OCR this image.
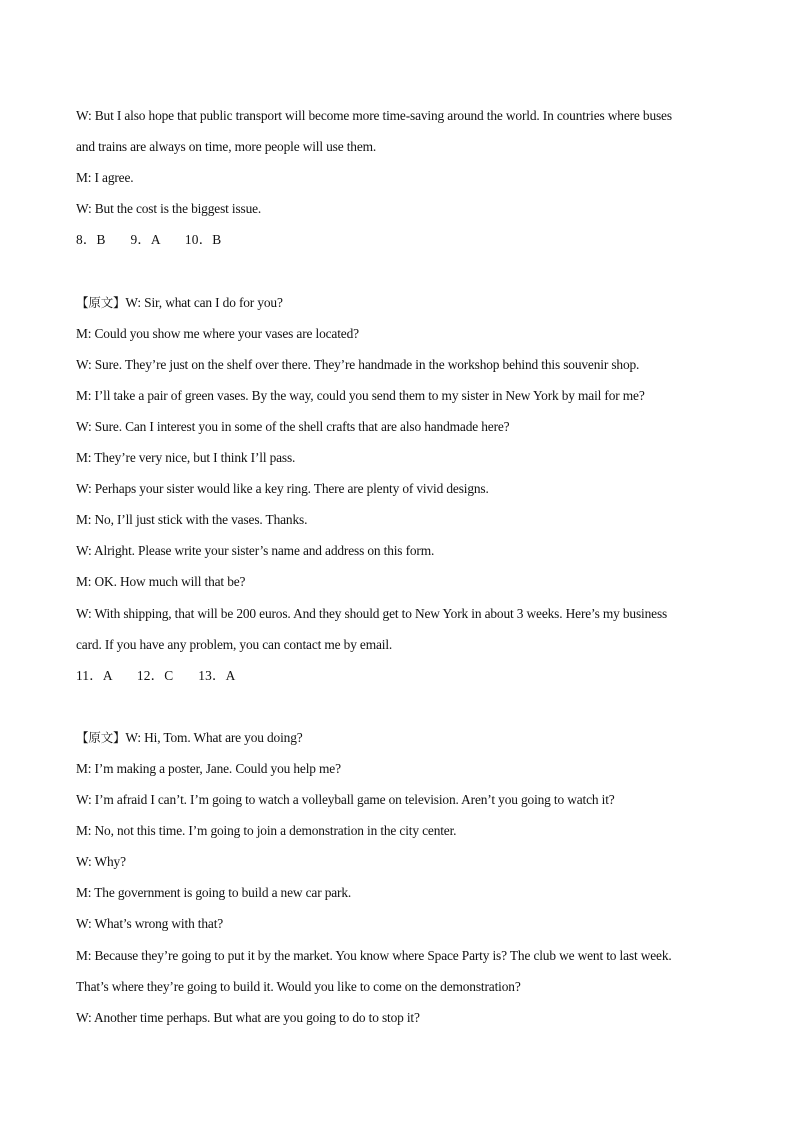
W: But I also hope that public transport will become more time-saving around the world. In countries where buses
and trains are always on time, more people will use them.
M: I agree.
W: But the cost is the biggest issue.
8．B       9．A       10．B
【原文】W: Sir, what can I do for you?
M: Could you show me where your vases are located?
W: Sure. They’re just on the shelf over there. They’re handmade in the workshop behind this souvenir shop.
M: I’ll take a pair of green vases. By the way, could you send them to my sister in New York by mail for me?
W: Sure. Can I interest you in some of the shell crafts that are also handmade here?
M: They’re very nice, but I think I’ll pass.
W: Perhaps your sister would like a key ring. There are plenty of vivid designs.
M: No, I’ll just stick with the vases. Thanks.
W: Alright. Please write your sister’s name and address on this form.
M: OK. How much will that be?
W: With shipping, that will be 200 euros. And they should get to New York in about 3 weeks. Here’s my business
card. If you have any problem, you can contact me by email.
11．A       12．C       13．A
【原文】W: Hi, Tom. What are you doing?
M: I’m making a poster, Jane. Could you help me?
W: I’m afraid I can’t. I’m going to watch a volleyball game on television. Aren’t you going to watch it?
M: No, not this time. I’m going to join a demonstration in the city center.
W: Why?
M: The government is going to build a new car park.
W: What’s wrong with that?
M: Because they’re going to put it by the market. You know where Space Party is? The club we went to last week.
That’s where they’re going to build it. Would you like to come on the demonstration?
W: Another time perhaps. But what are you going to do to stop it?
